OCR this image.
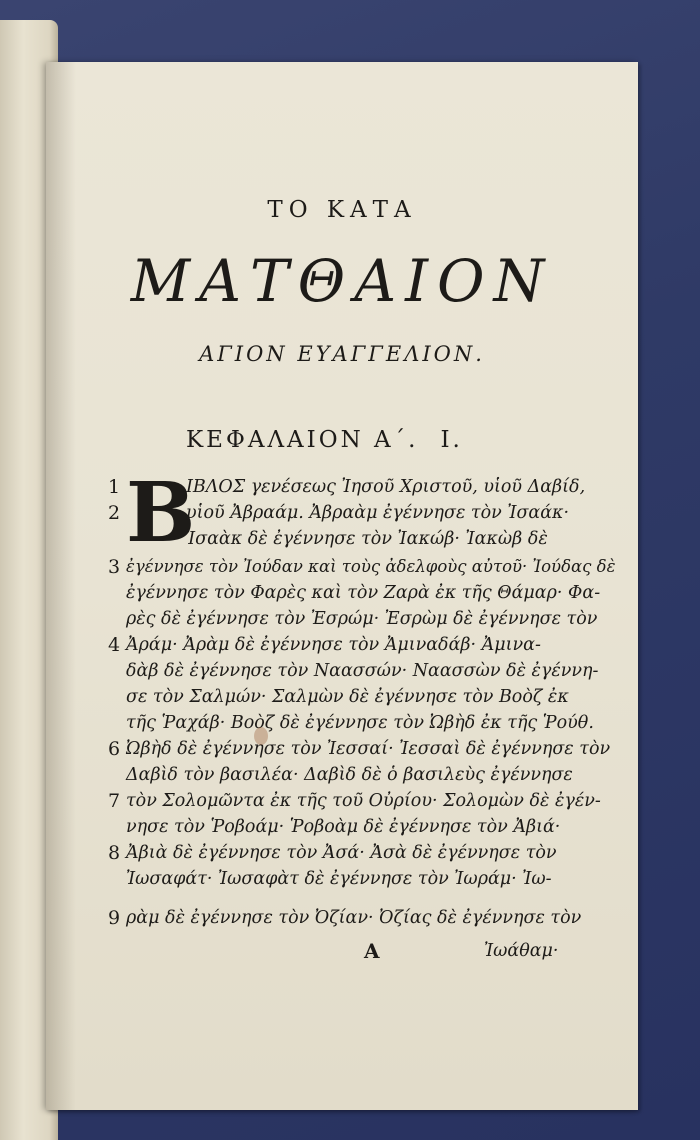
ΤΟ ΚΑΤΑ
ΜΑΤΘΑΙΟΝ
ΑΓΙΟΝ ΕΥΑΓΓΕΛΙΟΝ.
ΚΕΦΑΛΑΙΟΝ Α΄. Ι.
B
1
2
3
4
6
7
8
9
ΙΒΛΟΣ γενέσεως Ἰησοῦ Χριστοῦ, υἱοῦ Δαβίδ,
υἱοῦ Ἀβραάμ. Ἀβραὰμ ἐγέννησε τὸν Ἰσαάκ·
Ἰσαὰκ δὲ ἐγέννησε τὸν Ἰακώβ· Ἰακὼβ δὲ
ἐγέννησε τὸν Ἰούδαν καὶ τοὺς ἀδελφοὺς αὐτοῦ· Ἰούδας δὲ
ἐγέννησε τὸν Φαρὲς καὶ τὸν Ζαρὰ ἐκ τῆς Θάμαρ· Φα-
ρὲς δὲ ἐγέννησε τὸν Ἐσρώμ· Ἐσρὼμ δὲ ἐγέννησε τὸν
Ἀράμ· Ἀρὰμ δὲ ἐγέννησε τὸν Ἀμιναδάβ· Ἀμινα-
δὰβ δὲ ἐγέννησε τὸν Ναασσών· Ναασσὼν δὲ ἐγέννη-
σε τὸν Σαλμών· Σαλμὼν δὲ ἐγέννησε τὸν Βοὸζ ἐκ
τῆς Ῥαχάβ· Βοὸζ δὲ ἐγέννησε τὸν Ὠβὴδ ἐκ τῆς Ῥούθ.
Ὠβὴδ δὲ ἐγέννησε τὸν Ἰεσσαί· Ἰεσσαὶ δὲ ἐγέννησε τὸν
Δαβὶδ τὸν βασιλέα· Δαβὶδ δὲ ὁ βασιλεὺς ἐγέννησε
τὸν Σολομῶντα ἐκ τῆς τοῦ Οὐρίου· Σολομὼν δὲ ἐγέν-
νησε τὸν Ῥοβοάμ· Ῥοβοὰμ δὲ ἐγέννησε τὸν Ἀβιά·
Ἀβιὰ δὲ ἐγέννησε τὸν Ἀσά· Ἀσὰ δὲ ἐγέννησε τὸν
Ἰωσαφάτ· Ἰωσαφὰτ δὲ ἐγέννησε τὸν Ἰωράμ· Ἰω-
ρὰμ δὲ ἐγέννησε τὸν Ὀζίαν· Ὀζίας δὲ ἐγέννησε τὸν
A	Ἰωάθαμ·
